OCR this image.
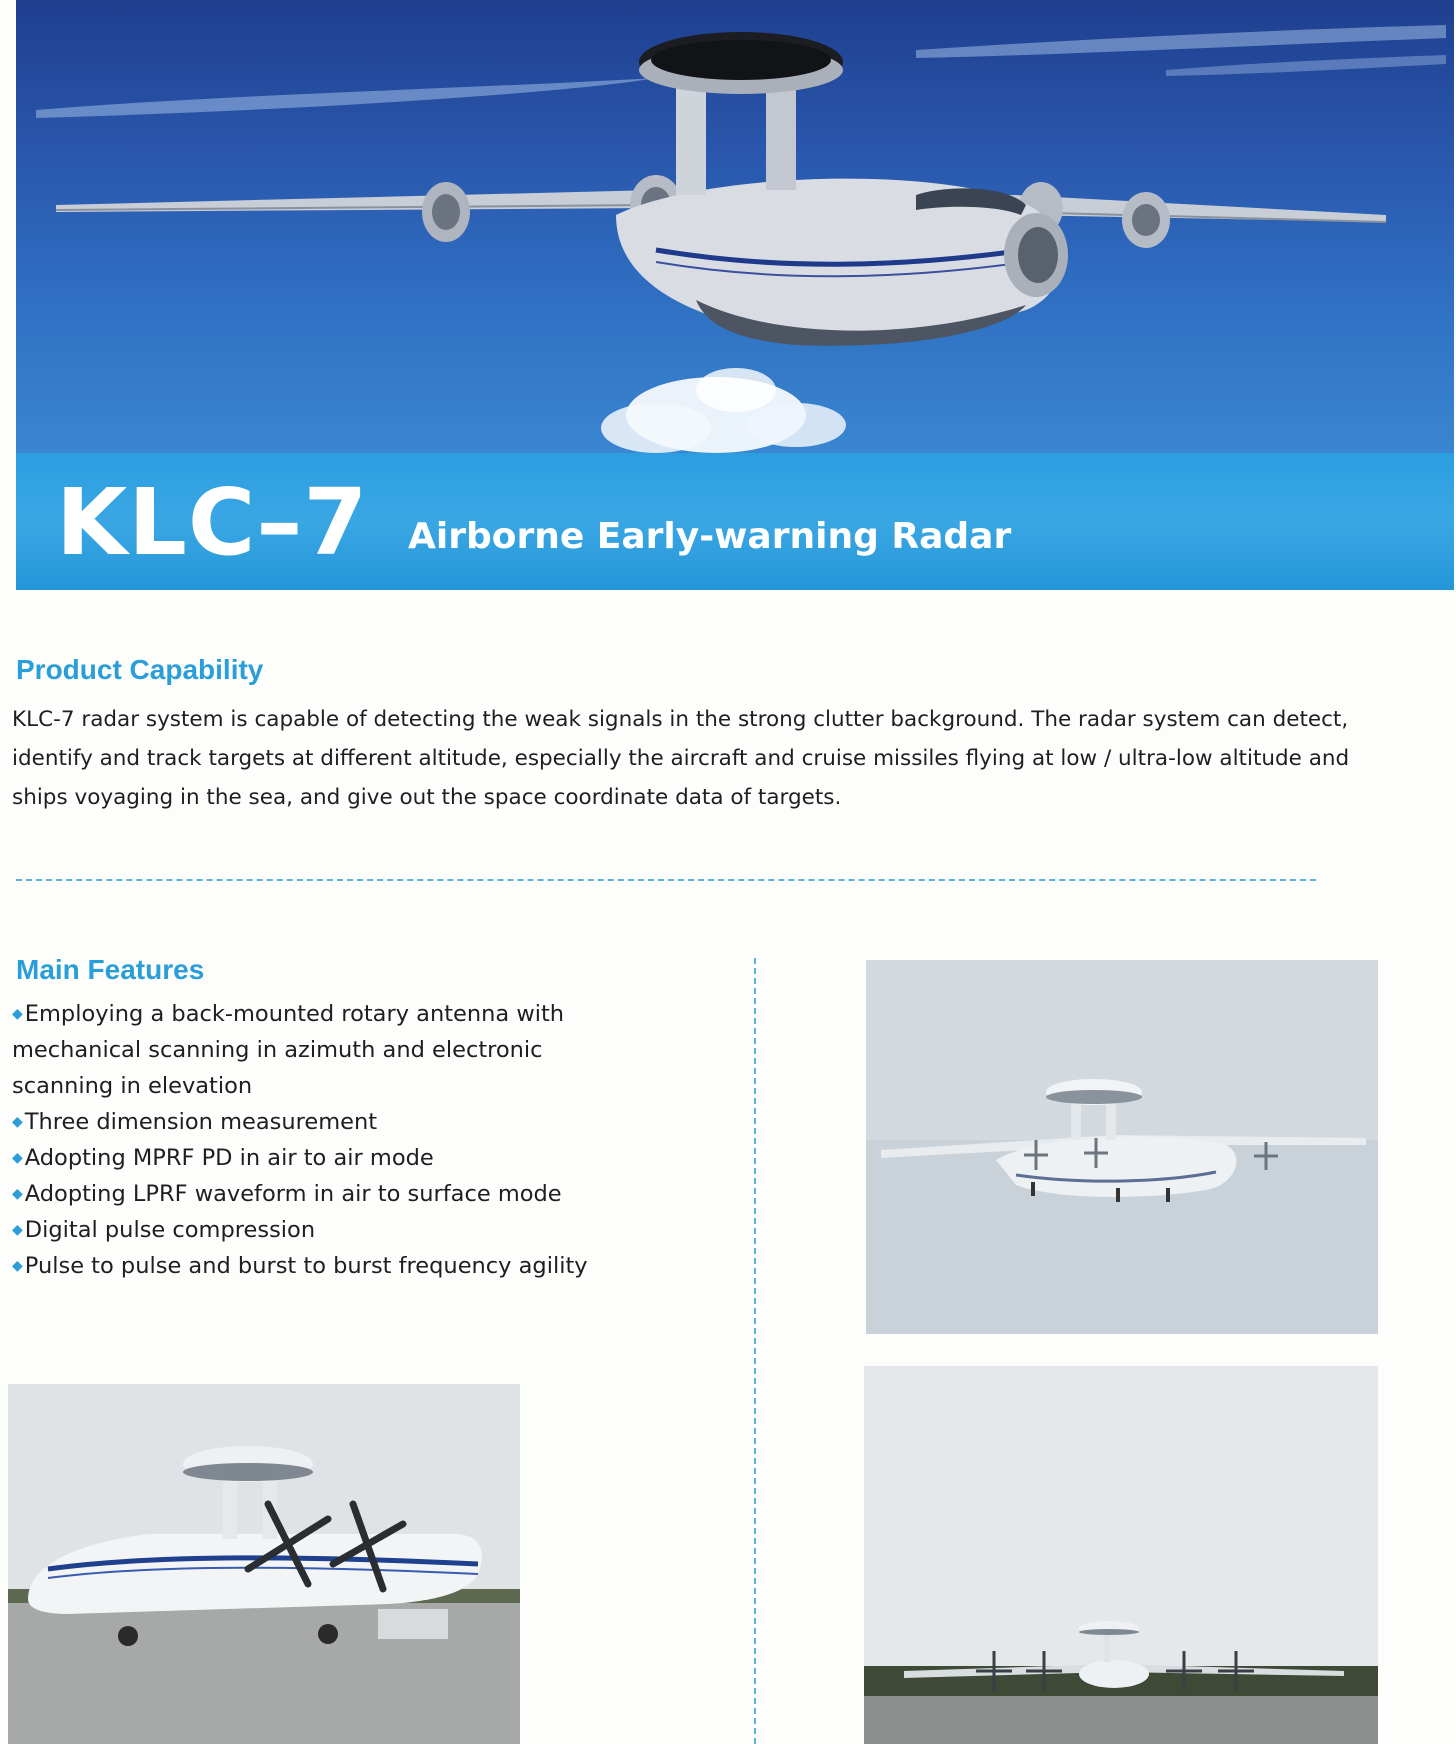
KLC–7 Airborne Early-warning Radar
Product Capability
KLC-7 radar system is capable of detecting the weak signals in the strong clutter background. The radar system can detect,
identify and track targets at different altitude, especially the aircraft and cruise missiles flying at low / ultra-low altitude and
ships voyaging in the sea, and give out the space coordinate data of targets.
Main Features
◆Employing a back-mounted rotary antenna with
mechanical scanning in azimuth and electronic
scanning in elevation
◆Three dimension measurement
◆Adopting MPRF PD in air to air mode
◆Adopting LPRF waveform in air to surface mode
◆Digital pulse compression
◆Pulse to pulse and burst to burst frequency agility
